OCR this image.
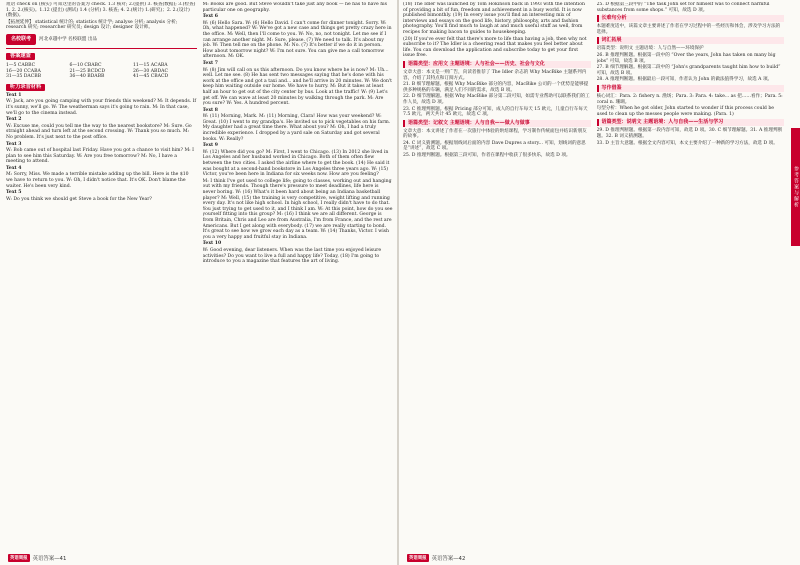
短语 check on (核实) 可知这里的答案为 check. 1.3 核对; 2.(提供) 3. 核查(数据); 3.(检查) 1. 2. 2.(核实)。1.12 (提出) (测试) 1.4 (分析) 3. 核查; 4. 2.(统计) 1.(研究)；2. 2.(设计) (数据)。

【拓展延伸】 statistical 统计的; statistics 统计学; analyse 分析; analysis 分析; research 研究; researcher 研究员; design 设计; designer 设计师。

名校联考	河北卓越中学 名校联盟 出品
答案速查
1—5 CABBC	6—10 CBABC	11—15 ACABA
16—20 CCABA	21—25 BCDCD	26—30 ABDAC
31—35 DACBB	36—40 BDABB	41—45 CBACD
听力录音材料

Text 1

W: Jack, are you going camping with your friends this weekend? M: It depends. If it's sunny, we'll go. W: The weatherman says it's going to rain. M: In that case, we'll go to the cinema instead.

Text 2

W: Excuse me, could you tell me the way to the nearest bookstore? M: Sure. Go straight ahead and turn left at the second crossing. W: Thank you so much. M: No problem. It's just next to the post office.

Text 3

W: Bob came out of hospital last Friday. Have you got a chance to visit him? M: I plan to see him this Saturday. W: Are you free tomorrow? M: No, I have a meeting to attend.

Text 4

M: Sorry, Miss. We made a terrible mistake adding up the bill. Here is the $10 we have to return to you. W: Oh, I didn't notice that. It's OK. Don't blame the waiter. He's been very kind.

Text 5

W: Do you think we should get Steve a book for the New Year?

M: Books are good. But Steve wouldn't take just any book — he has to have his particular one on geography.

Text 6

W: (6) Hello Sara. W: (6) Hello David. I can't come for dinner tonight. Sorry. W: Oh, what happened? W: We've got a new case and things get pretty crazy here in the office. M: Well, then I'll come to you. W: No, no, not tonight. Let me see if I can arrange another night. M: Sure, please. (7) We need to talk. It's about my job. W: Then tell me on the phone. M: No. (7) It's better if we do it in person. How about tomorrow night? W: I'm not sure. You can give me a call tomorrow afternoon. M: OK.

Text 7

W: (8) Jim will call on us this afternoon. Do you know where he is now? M: Uh... well. Let me see. (8) He has sent two messages saying that he's done with his work at the office and got a taxi and... and he'll arrive in 20 minutes. W: We don't keep him waiting outside our home. We have to hurry. M: But it takes at least half an hour to get out of the city center by bus. Look at the traffic! W: (9) Let's get off. We can wave at least 20 minutes by walking through the park. M: Are you sure? W: Yes. A hundred percent.

Text 8

W: (11) Morning, Mark. M: (11) Morning, Clara! How was your weekend? W: Great. (10) I went to my grandpa's. He invited us to pick vegetables on his farm. My daughter had a great time there. What about you? M: Oh, I had a truly incredible experience. I dropped by a yard sale on Saturday and got several books. W: Really?

Text 9

W: (12) Where did you go? M: First, I went to Chicago. (13) In 2012 she lived in Los Angeles and her husband worked in Chicago. Both of them often flew between the two cities. I asked the airline where to get the book. (14) He said it was bought at a second-hand bookstore in Los Angeles three years ago. W: (15) Victor, you've been here in Indiana for six weeks now. How are you feeling?

M: I think I've got used to college life; going to classes, working out and hanging out with my friends. Though there's pressure to meet deadlines, life here is never boring. W: (16) What's it been hard about being an Indiana basketball player? M: Well, (15) the training is very competitive, weight lifting and running every day. It's not like high school. In high school, I really didn't have to do that. You just trying to get used to it, and I think I am. W: At this point, how do you see yourself fitting into this group? M: (16) I think we are all different. George is from Britain, Chris and Leo are from Australia, I'm from France, and the rest are Americans. But I get along with everybody. (17) we are really starting to bond. It's great to see how we grow each day as a team. W: (14) Thanks, Victor. I wish you a very happy and fruitful stay in Indiana.

Text 10

W: Good evening, dear listeners. When was the last time you enjoyed leisure activities? Do you want to live a full and happy life? Today, (18) I'm going to introduce to you a magazine that features the art of living.

英语周报 英语答案—41

(18) The Idler was launched by Tom Hokinson back in 1993 with the intention of providing a bit of fun, freedom and achievement in a busy world. It is now published bimonthly. (19) In every issue you'll find an interesting mix of interviews and essays on the good life, history, philosophy, arts and fashion photography. You'll find much to laugh at and much useful stuff as well, from recipes for making bacon to guides to housekeeping.

(20) If you've ever felt that there's more to life than having a job, then why not subscribe to it? The Idler is a cheering read that makes you feel better about life. You can download the application and subscribe today to get your first issue free.

语篇类型：应用文 主题语境：人与社会——历史、社会与文化

文章大意：本文是一则广告，向读者推荐了 The Idler 杂志的 Why MacBike 主题系列内容，介绍了其特点和订阅方式。

21. B 细节理解题。根据 Why MacBike 部分的内容，MacBike 公司的一个优势是能够提供多种规格的车辆，满足人们不同的需求，故选 B 项。

22. D 细节理解题。根据 Why MacBike 部分第二段可知，如需专业帮助可以联系我们的工作人员，故选 D 项。

23. C 推理判断题。根据 Pricing 部分可知，成人的自行车每天 15 欧元，儿童自行车每天 7.5 欧元，两天共计 45 欧元，故选 C 项。

语篇类型：记叙文 主题语境：人与自我——做人与做事

文章大意：本文讲述了作者在一次旅行中体验的烘焙课程，学习制作传统面包并结识新朋友的故事。

24. C 词义猜测题。根据划线词后面的内容 Dave Dupres a story... 可知，划线词的意思是“讲述”，故选 C 项。

25. D 推理判断题。根据第三段可知，作者在课程中收获了很多快乐，故选 D 项。

25. D 根据第三段中的 “The task John set for himself was to connect harmful substances from some shops.” 可知，故选 D 项。

长难句分析

本题难度适中，该篇文章主要讲述了作者在学习过程中的一些经历和体会，涉及学习方法的选择。

词汇拓展

语篇类型：说明文 主题语境：人与自然——环境保护

26. B 推理判断题。根据第一段中的 “Over the years, John has taken on many big jobs” 可知，故选 B 项。

27. B 细节理解题。根据第二段中的 “John's grandparents taught him how to build” 可知，故选 B 项。

28. A 推理判断题。根据最后一段可知，作者认为 John 的做法值得学习，故选 A 项。

写作借鉴

核心词汇：Para. 2: fishery n. 渔场；Para. 3: Para. 4: take... as 把……看作；Para. 5: coral n. 珊瑚。

句型分析：When he got older, John started to wonder if this process could be used to clean up the messes people were making. (Para. 1)

语篇类型：说明文 主题语境：人与自我——生活与学习

29. D 推理判断题。根据第一段内容可知，故选 D 项。30. C 细节理解题。31. A 推理判断题。32. B 词义猜测题。

33. D 主旨大意题。根据全文内容可知，本文主要介绍了一种新的学习方法，故选 D 项。

参考答案与解析
英语周报 英语答案—42
